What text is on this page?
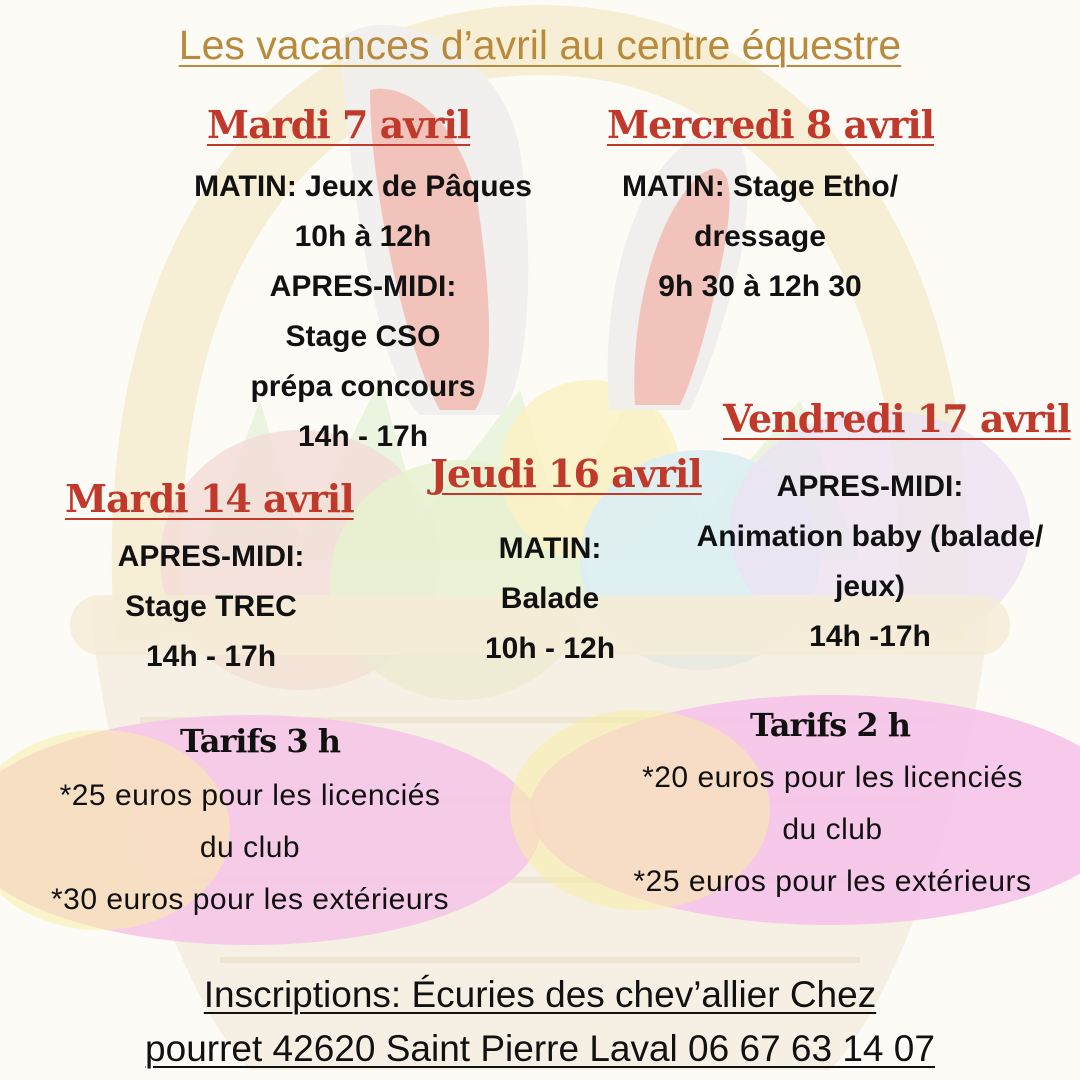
Les vacances d’avril au centre équestre
Mardi 7 avril
MATIN: Jeux de Pâques
10h à 12h
APRES-MIDI:
Stage CSO
prépa concours
14h - 17h
Mercredi 8 avril
MATIN: Stage Etho/
dressage
9h 30 à 12h 30
Vendredi 17 avril
APRES-MIDI:
Animation baby (balade/
jeux)
14h -17h
Jeudi 16 avril
MATIN:
Balade
10h - 12h
Mardi 14 avril
APRES-MIDI:
Stage TREC
14h - 17h
Tarifs 3 h
*25 euros pour les licenciés
du club
*30 euros pour les extérieurs
Tarifs 2 h
*20 euros pour les licenciés
du club
*25 euros pour les extérieurs
Inscriptions: Écuries des chev’allier Chez
pourret 42620 Saint Pierre Laval 06 67 63 14 07
